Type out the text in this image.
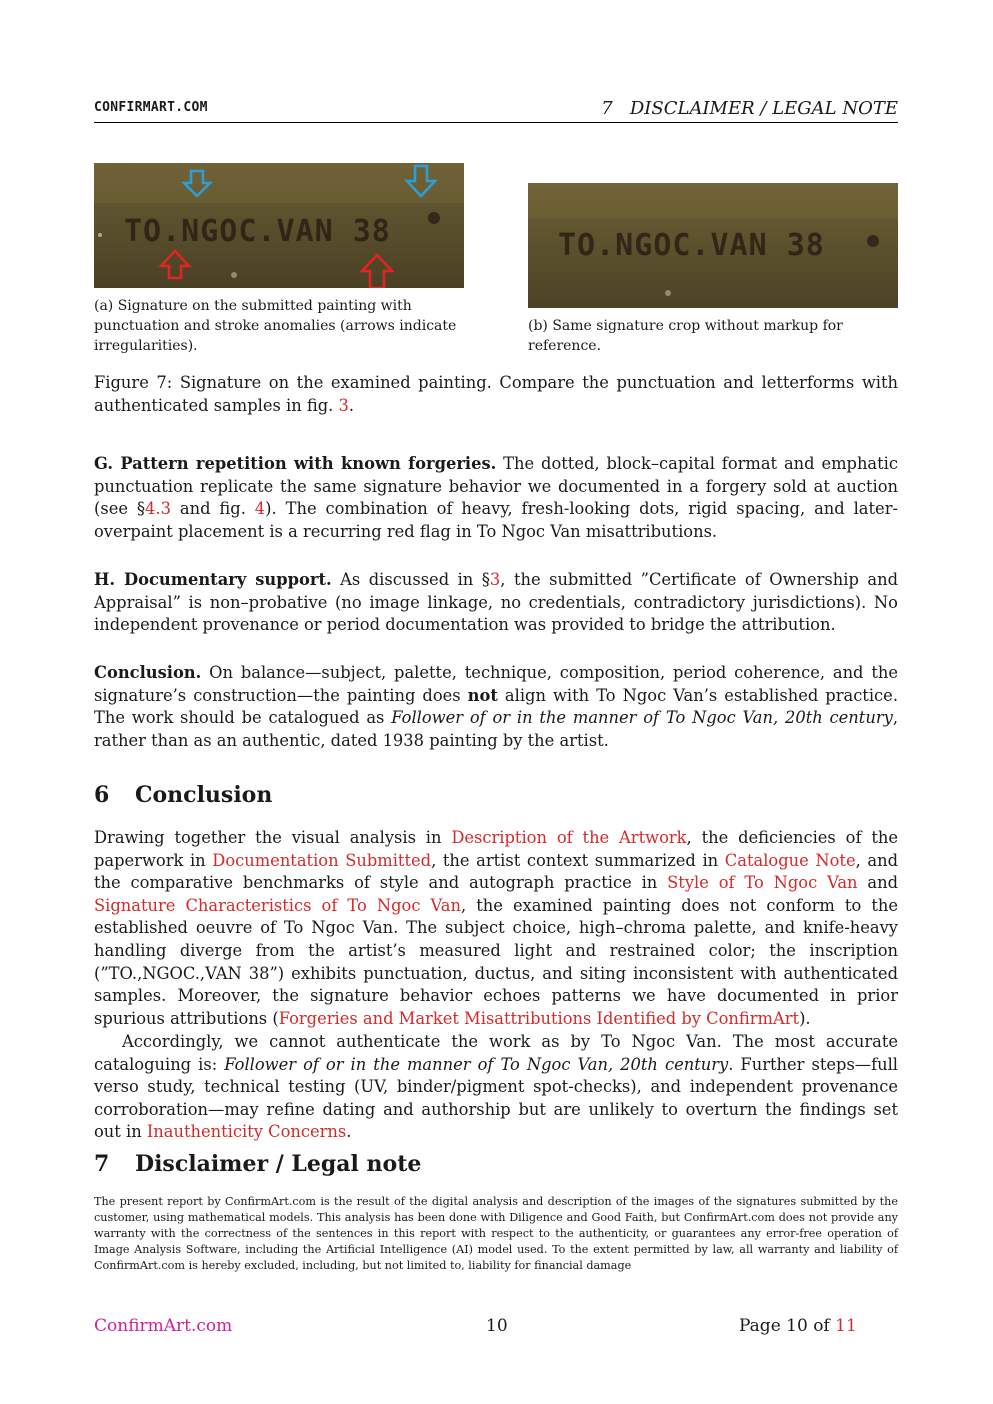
CONFIRMART.COM	7   DISCLAIMER / LEGAL NOTE
TO.NGOC.VAN 38
(a) Signature on the submitted painting with punctuation and stroke anomalies (arrows indicate irregularities).
TO.NGOC.VAN 38
(b) Same signature crop without markup for reference.
Figure 7: Signature on the examined painting. Compare the punctuation and letterforms with authenticated samples in fig. 3.
G. Pattern repetition with known forgeries. The dotted, block–capital format and emphatic punctuation replicate the same signature behavior we documented in a forgery sold at auction (see §4.3 and fig. 4). The combination of heavy, fresh-looking dots, rigid spacing, and later-overpaint placement is a recurring red flag in To Ngoc Van misattributions.
H. Documentary support. As discussed in §3, the submitted ”Certificate of Ownership and Appraisal” is non–probative (no image linkage, no credentials, contradictory jurisdictions). No independent provenance or period documentation was provided to bridge the attribution.
Conclusion. On balance—subject, palette, technique, composition, period coherence, and the signature’s construction—the painting does not align with To Ngoc Van’s established practice. The work should be catalogued as Follower of or in the manner of To Ngoc Van, 20th century, rather than as an authentic, dated 1938 painting by the artist.
6 Conclusion
Drawing together the visual analysis in Description of the Artwork, the deficiencies of the paperwork in Documentation Submitted, the artist context summarized in Catalogue Note, and the comparative benchmarks of style and autograph practice in Style of To Ngoc Van and Signature Characteristics of To Ngoc Van, the examined painting does not conform to the established oeuvre of To Ngoc Van. The subject choice, high–chroma palette, and knife-heavy handling diverge from the artist’s measured light and restrained color; the inscription (”TO.,NGOC.,VAN 38”) exhibits punctuation, ductus, and siting inconsistent with authenticated samples. Moreover, the signature behavior echoes patterns we have documented in prior spurious attributions (Forgeries and Market Misattributions Identified by ConfirmArt).
Accordingly, we cannot authenticate the work as by To Ngoc Van. The most accurate cataloguing is: Follower of or in the manner of To Ngoc Van, 20th century. Further steps—full verso study, technical testing (UV, binder/pigment spot-checks), and independent provenance corroboration—may refine dating and authorship but are unlikely to overturn the findings set out in Inauthenticity Concerns.
7 Disclaimer / Legal note
The present report by ConfirmArt.com is the result of the digital analysis and description of the images of the signatures submitted by the customer, using mathematical models. This analysis has been done with Diligence and Good Faith, but ConfirmArt.com does not provide any warranty with the correctness of the sentences in this report with respect to the authenticity, or guarantees any error-free operation of Image Analysis Software, including the Artificial Intelligence (AI) model used. To the extent permitted by law, all warranty and liability of ConfirmArt.com is hereby excluded, including, but not limited to, liability for financial damage
ConfirmArt.com	10	Page 10 of 11
